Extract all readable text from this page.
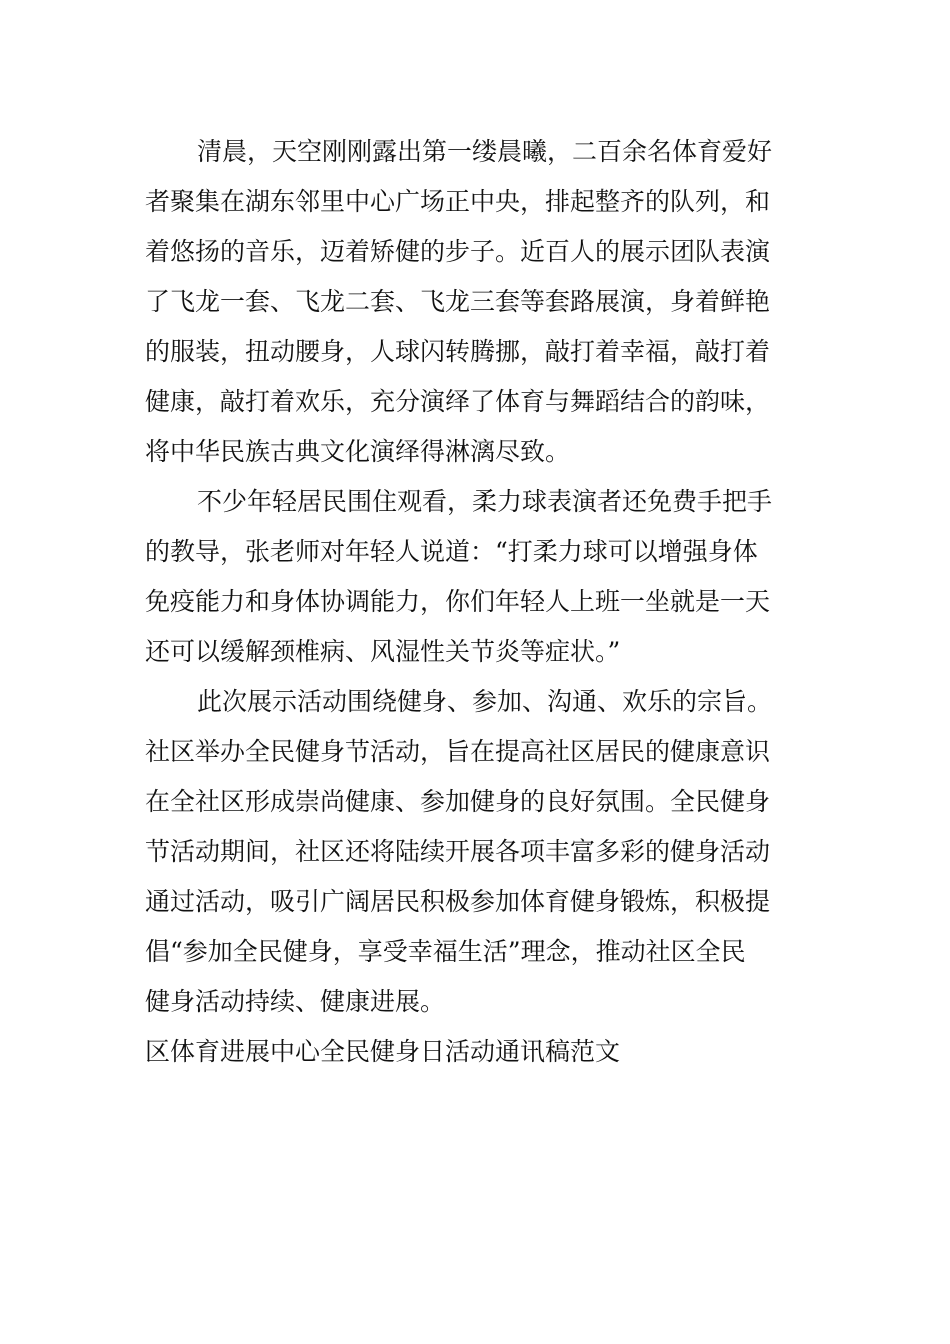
清晨，天空刚刚露出第一缕晨曦，二百余名体育爱好
者聚集在湖东邻里中心广场正中央，排起整齐的队列，和
着悠扬的音乐，迈着矫健的步子。近百人的展示团队表演
了飞龙一套、飞龙二套、飞龙三套等套路展演，身着鲜艳
的服装，扭动腰身，人球闪转腾挪，敲打着幸福，敲打着
健康，敲打着欢乐，充分演绎了体育与舞蹈结合的韵味，
将中华民族古典文化演绎得淋漓尽致。
不少年轻居民围住观看，柔力球表演者还免费手把手
的教导，张老师对年轻人说道：“打柔力球可以增强身体
免疫能力和身体协调能力，你们年轻人上班一坐就是一天
还可以缓解颈椎病、风湿性关节炎等症状。”
此次展示活动围绕健身、参加、沟通、欢乐的宗旨。
社区举办全民健身节活动，旨在提高社区居民的健康意识
在全社区形成崇尚健康、参加健身的良好氛围。全民健身
节活动期间，社区还将陆续开展各项丰富多彩的健身活动
通过活动，吸引广阔居民积极参加体育健身锻炼，积极提
倡“参加全民健身，享受幸福生活”理念，推动社区全民
健身活动持续、健康进展。
区体育进展中心全民健身日活动通讯稿范文
